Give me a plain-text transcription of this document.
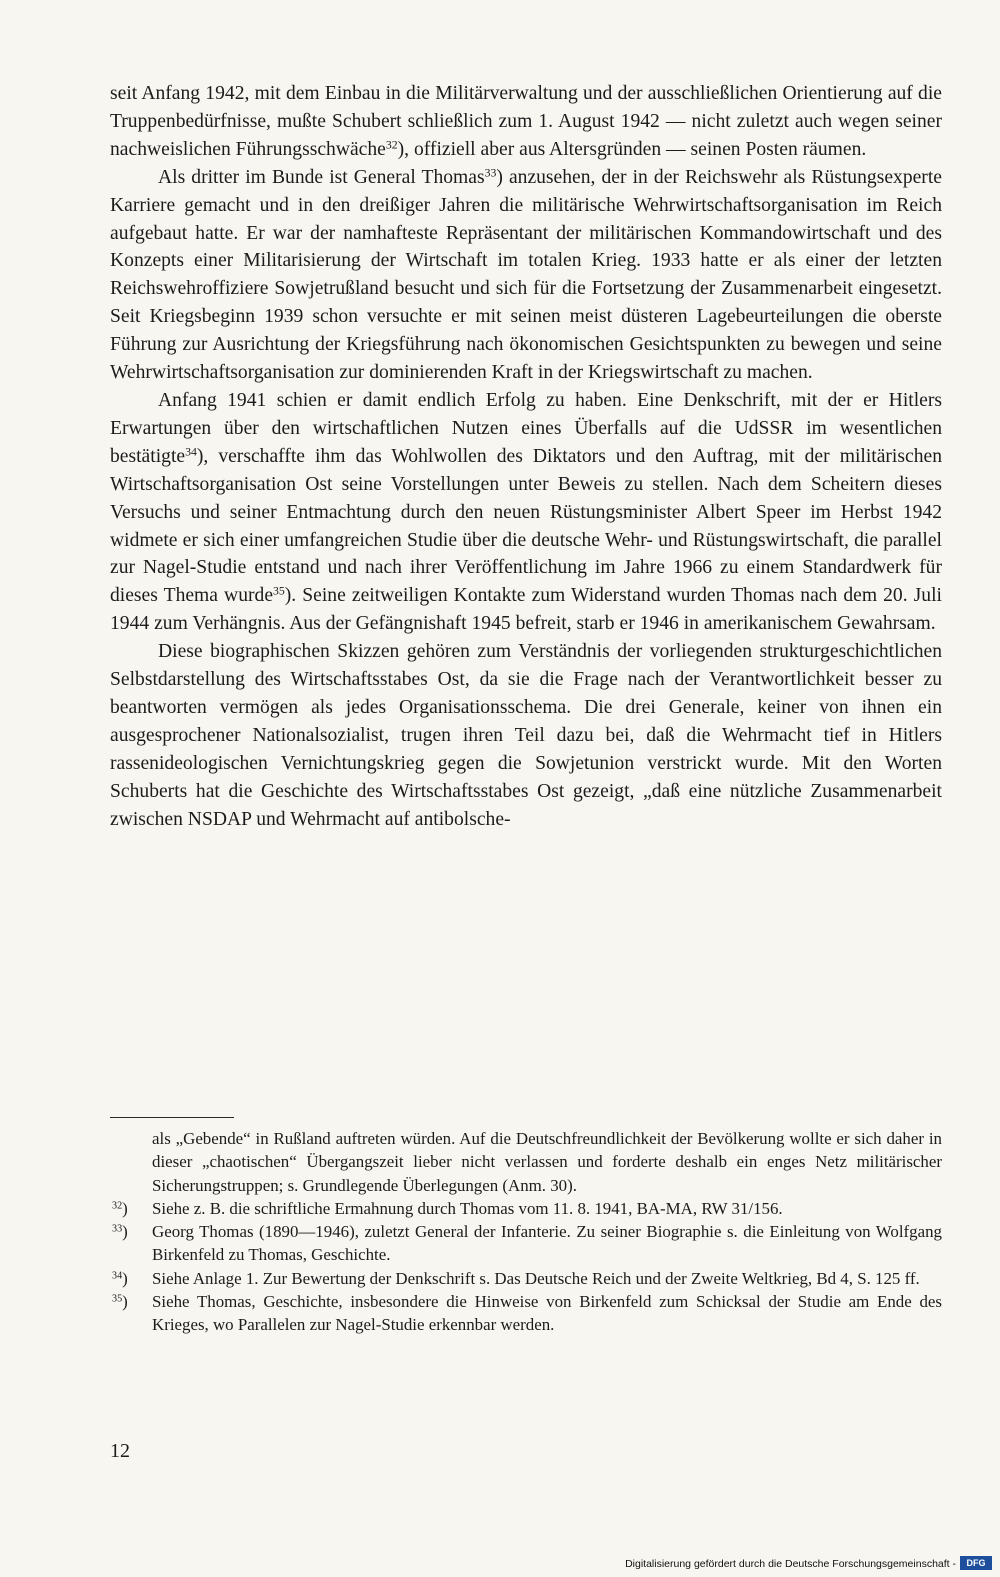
seit Anfang 1942, mit dem Einbau in die Militärverwaltung und der ausschließlichen Orientierung auf die Truppenbedürfnisse, mußte Schubert schließlich zum 1. August 1942 — nicht zuletzt auch wegen seiner nachweislichen Führungsschwäche$^{32}$), offiziell aber aus Altersgründen — seinen Posten räumen.

Als dritter im Bunde ist General Thomas$^{33}$) anzusehen, der in der Reichswehr als Rüstungsexperte Karriere gemacht und in den dreißiger Jahren die militärische Wehrwirtschaftsorganisation im Reich aufgebaut hatte. Er war der namhafteste Repräsentant der militärischen Kommandowirtschaft und des Konzepts einer Militarisierung der Wirtschaft im totalen Krieg. 1933 hatte er als einer der letzten Reichswehroffiziere Sowjetrußland besucht und sich für die Fortsetzung der Zusammenarbeit eingesetzt. Seit Kriegsbeginn 1939 schon versuchte er mit seinen meist düsteren Lagebeurteilungen die oberste Führung zur Ausrichtung der Kriegsführung nach ökonomischen Gesichtspunkten zu bewegen und seine Wehrwirtschaftsorganisation zur dominierenden Kraft in der Kriegswirtschaft zu machen.

Anfang 1941 schien er damit endlich Erfolg zu haben. Eine Denkschrift, mit der er Hitlers Erwartungen über den wirtschaftlichen Nutzen eines Überfalls auf die UdSSR im wesentlichen bestätigte$^{34}$), verschaffte ihm das Wohlwollen des Diktators und den Auftrag, mit der militärischen Wirtschaftsorganisation Ost seine Vorstellungen unter Beweis zu stellen. Nach dem Scheitern dieses Versuchs und seiner Entmachtung durch den neuen Rüstungsminister Albert Speer im Herbst 1942 widmete er sich einer umfangreichen Studie über die deutsche Wehr- und Rüstungswirtschaft, die parallel zur Nagel-Studie entstand und nach ihrer Veröffentlichung im Jahre 1966 zu einem Standardwerk für dieses Thema wurde$^{35}$). Seine zeitweiligen Kontakte zum Widerstand wurden Thomas nach dem 20. Juli 1944 zum Verhängnis. Aus der Gefängnishaft 1945 befreit, starb er 1946 in amerikanischem Gewahrsam.

Diese biographischen Skizzen gehören zum Verständnis der vorliegenden strukturgeschichtlichen Selbstdarstellung des Wirtschaftsstabes Ost, da sie die Frage nach der Verantwortlichkeit besser zu beantworten vermögen als jedes Organisationsschema. Die drei Generale, keiner von ihnen ein ausgesprochener Nationalsozialist, trugen ihren Teil dazu bei, daß die Wehrmacht tief in Hitlers rassenideologischen Vernichtungskrieg gegen die Sowjetunion verstrickt wurde. Mit den Worten Schuberts hat die Geschichte des Wirtschaftsstabes Ost gezeigt, „daß eine nützliche Zusammenarbeit zwischen NSDAP und Wehrmacht auf antibolsche-

als „Gebende“ in Rußland auftreten würden. Auf die Deutschfreundlichkeit der Bevölkerung wollte er sich daher in dieser „chaotischen“ Übergangszeit lieber nicht verlassen und forderte deshalb ein enges Netz militärischer Sicherungstruppen; s. Grundlegende Überlegungen (Anm. 30).
$^{32}$)	Siehe z. B. die schriftliche Ermahnung durch Thomas vom 11. 8. 1941, BA-MA, RW 31/156.
$^{33}$)	Georg Thomas (1890—1946), zuletzt General der Infanterie. Zu seiner Biographie s. die Einleitung von Wolfgang Birkenfeld zu Thomas, Geschichte.
$^{34}$)	Siehe Anlage 1. Zur Bewertung der Denkschrift s. Das Deutsche Reich und der Zweite Weltkrieg, Bd 4, S. 125 ff.
$^{35}$)	Siehe Thomas, Geschichte, insbesondere die Hinweise von Birkenfeld zum Schicksal der Studie am Ende des Krieges, wo Parallelen zur Nagel-Studie erkennbar werden.
12
Digitalisierung gefördert durch die Deutsche Forschungsgemeinschaft -	DFG
